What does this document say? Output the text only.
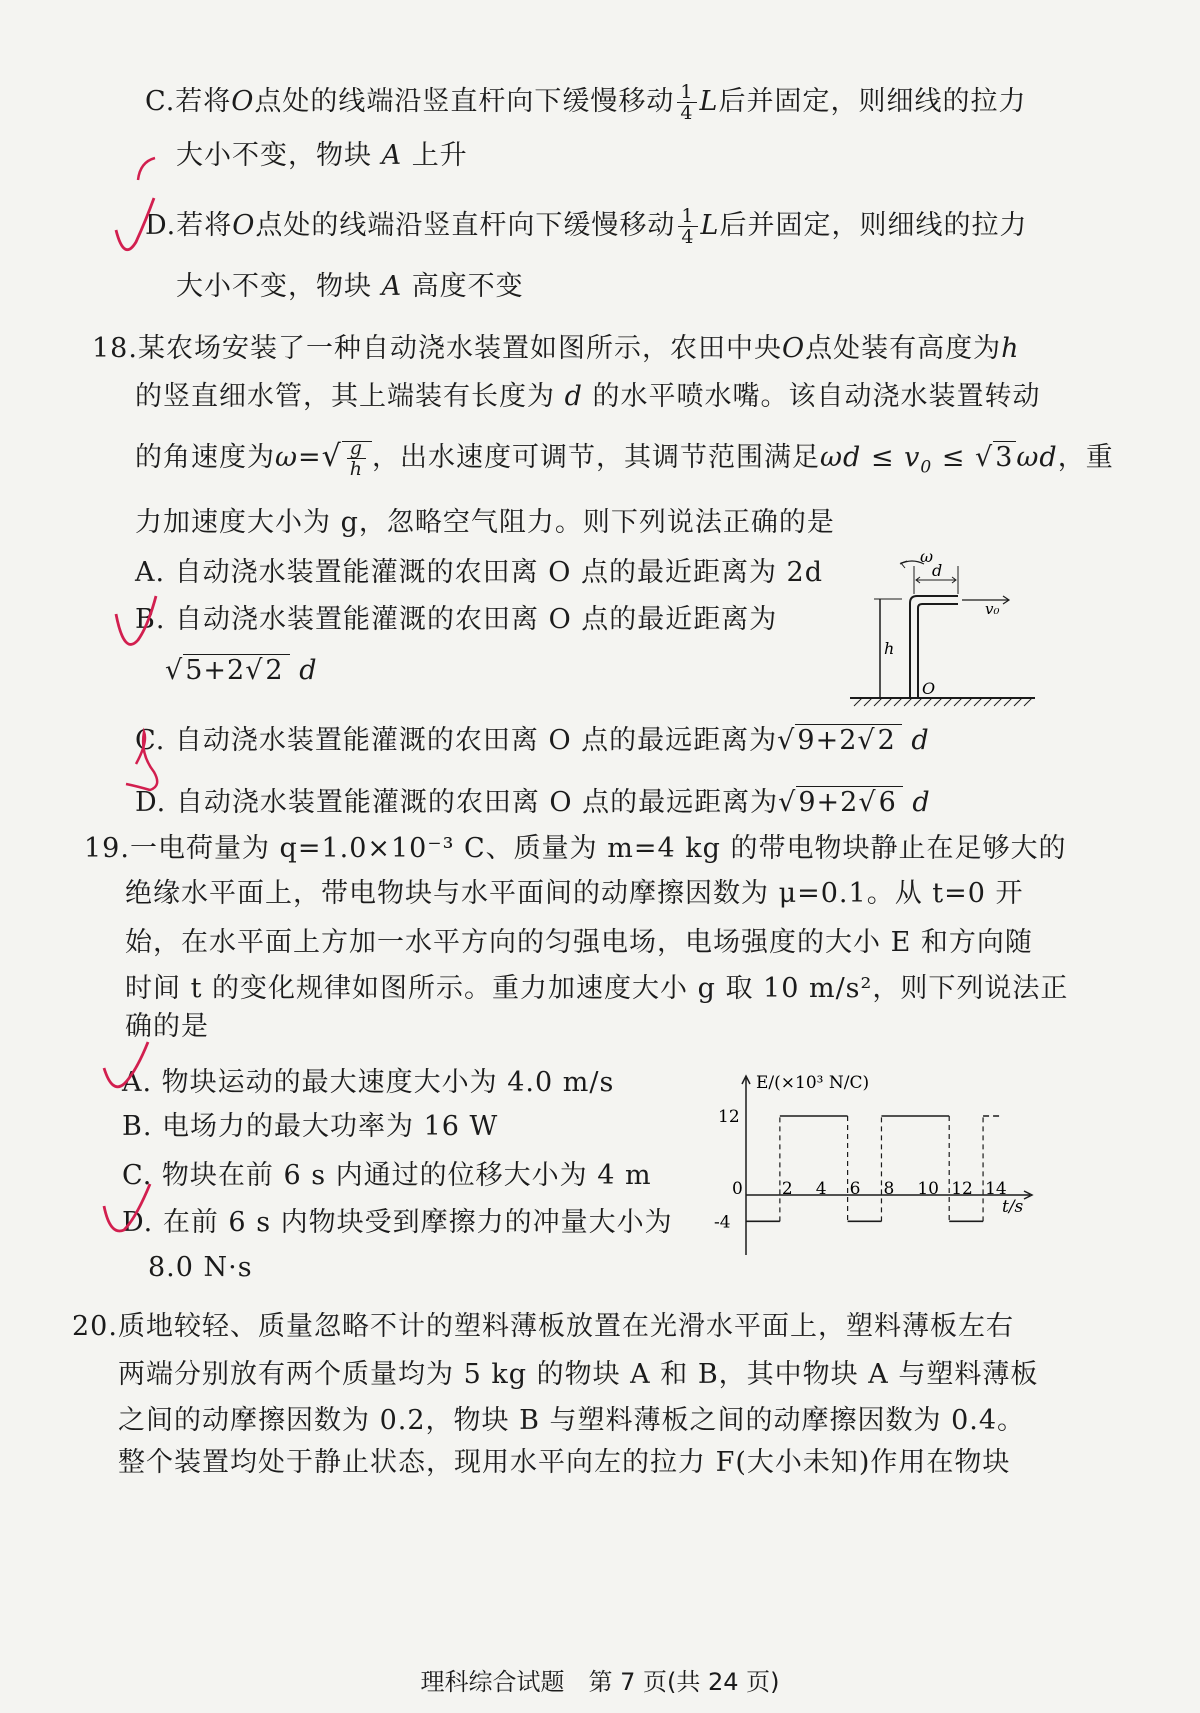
C.若将O点处的线端沿竖直杆向下缓慢移动 $\frac{1}{4}$ L后并固定，则细线的拉力
大小不变，物块 A 上升
D.若将O点处的线端沿竖直杆向下缓慢移动 $\frac{1}{4}$ L后并固定，则细线的拉力
大小不变，物块 A 高度不变
18.某农场安装了一种自动浇水装置如图所示，农田中央O点处装有高度为h
的竖直细水管，其上端装有长度为 d 的水平喷水嘴。该自动浇水装置转动
的角速度为$\omega=√ \frac{g}{h}$ ，出水速度可调节，其调节范围满足$\omega d \le v_0 \le √3$ ωd，重
力加速度大小为 g，忽略空气阻力。则下列说法正确的是
A. 自动浇水装置能灌溉的农田离 O 点的最近距离为 2d
B. 自动浇水装置能灌溉的农田离 O 点的最近距离为
√5+2√2 d
C. 自动浇水装置能灌溉的农田离 O 点的最远距离为√9+2√2 d
D. 自动浇水装置能灌溉的农田离 O 点的最远距离为√9+2√6 d
ω
d
v₀
h
O
19.一电荷量为 q=1.0×10⁻³ C、质量为 m=4 kg 的带电物块静止在足够大的
绝缘水平面上，带电物块与水平面间的动摩擦因数为 μ=0.1。从 t=0 开
始，在水平面上方加一水平方向的匀强电场，电场强度的大小 E 和方向随
时间 t 的变化规律如图所示。重力加速度大小 g 取 10 m/s²，则下列说法正
确的是
A. 物块运动的最大速度大小为 4.0 m/s
B. 电场力的最大功率为 16 W
C. 物块在前 6 s 内通过的位移大小为 4 m
D. 在前 6 s 内物块受到摩擦力的冲量大小为
8.0 N·s
12
-4
0 2 4 6 8 10 12 14
E/(×10³ N/C)
t/s
20.质地较轻、质量忽略不计的塑料薄板放置在光滑水平面上，塑料薄板左右
两端分别放有两个质量均为 5 kg 的物块 A 和 B，其中物块 A 与塑料薄板
之间的动摩擦因数为 0.2，物块 B 与塑料薄板之间的动摩擦因数为 0.4。
整个装置均处于静止状态，现用水平向左的拉力 F(大小未知)作用在物块
理科综合试题　第 7 页(共 24 页)
